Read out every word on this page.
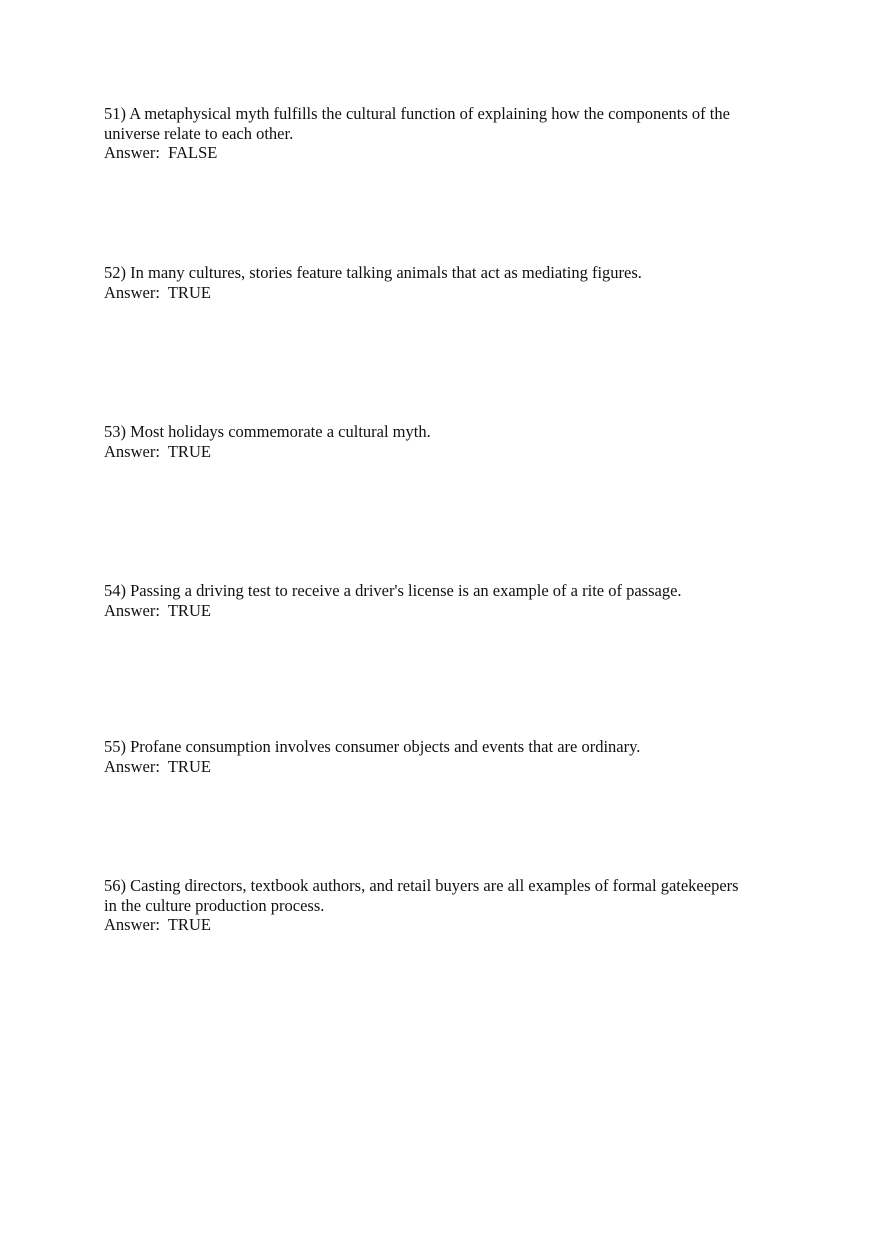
51) A metaphysical myth fulfills the cultural function of explaining how the components of the
universe relate to each other.
Answer:  FALSE
52) In many cultures, stories feature talking animals that act as mediating figures.
Answer:  TRUE
53) Most holidays commemorate a cultural myth.
Answer:  TRUE
54) Passing a driving test to receive a driver's license is an example of a rite of passage.
Answer:  TRUE
55) Profane consumption involves consumer objects and events that are ordinary.
Answer:  TRUE
56) Casting directors, textbook authors, and retail buyers are all examples of formal gatekeepers
in the culture production process.
Answer:  TRUE
